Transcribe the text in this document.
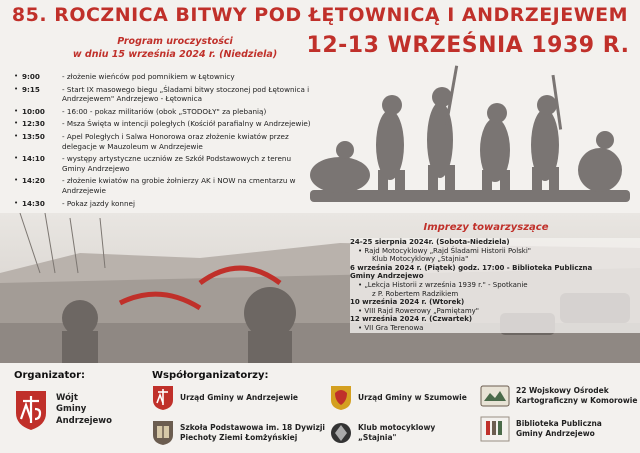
85. ROCZNICA BITWY POD ŁĘTOWNICĄ I ANDRZEJEWEM
12-13 WRZEŚNIA 1939 R.
Program uroczystości
w dniu 15 września 2024 r. (Niedziela)
• 9:00	- złożenie wieńców pod pomnikiem w Łętownicy
• 9:15	- Start IX masowego biegu „Śladami bitwy stoczonej pod Łętownica i Andrzejewem" Andrzejewo - Łętownica
• 10:00	- 16:00 - pokaz militariów (obok „STODOŁY" za plebanią)
• 12:30	- Msza Święta w intencji poległych (Kościół parafialny w Andrzejewie)
• 13:50	- Apel Poległych i Salwa Honorowa oraz złożenie kwiatów przez delegacje w Mauzoleum w Andrzejewie
• 14:10	- występy artystyczne uczniów ze Szkół Podstawowych z terenu Gminy Andrzejewo
• 14:20	- złożenie kwiatów na grobie żołnierzy AK i NOW na cmentarzu w Andrzejewie
• 14:30	- Pokaz jazdy konnej
Imprezy towarzyszące
24-25 sierpnia 2024r. (Sobota-Niedziela)
• Rajd Motocyklowy „Rajd Śladami Historii Polski"
Klub Motocyklowy „Stajnia"
6 września 2024 r. (Piątek) godz. 17:00 - Biblioteka Publiczna
Gminy Andrzejewo
• „Lekcja Historii z września 1939 r." - Spotkanie
z P. Robertem Radzikiem
10 września 2024 r. (Wtorek)
• VIII Rajd Rowerowy „Pamiętamy"
12 września 2024 r. (Czwartek)
• VII Gra Terenowa
Organizator:
Wójt
Gminy
Andrzejewo
Współorganizatorzy:
Urząd Gminy w Andrzejewie
Szkoła Podstawowa im. 18 Dywizji
Piechoty Ziemi Łomżyńskiej
Urząd Gminy w Szumowie
Klub motocyklowy
„Stajnia"
22 Wojskowy Ośrodek
Kartograficzny w Komorowie
Biblioteka Publiczna
Gminy Andrzejewo
